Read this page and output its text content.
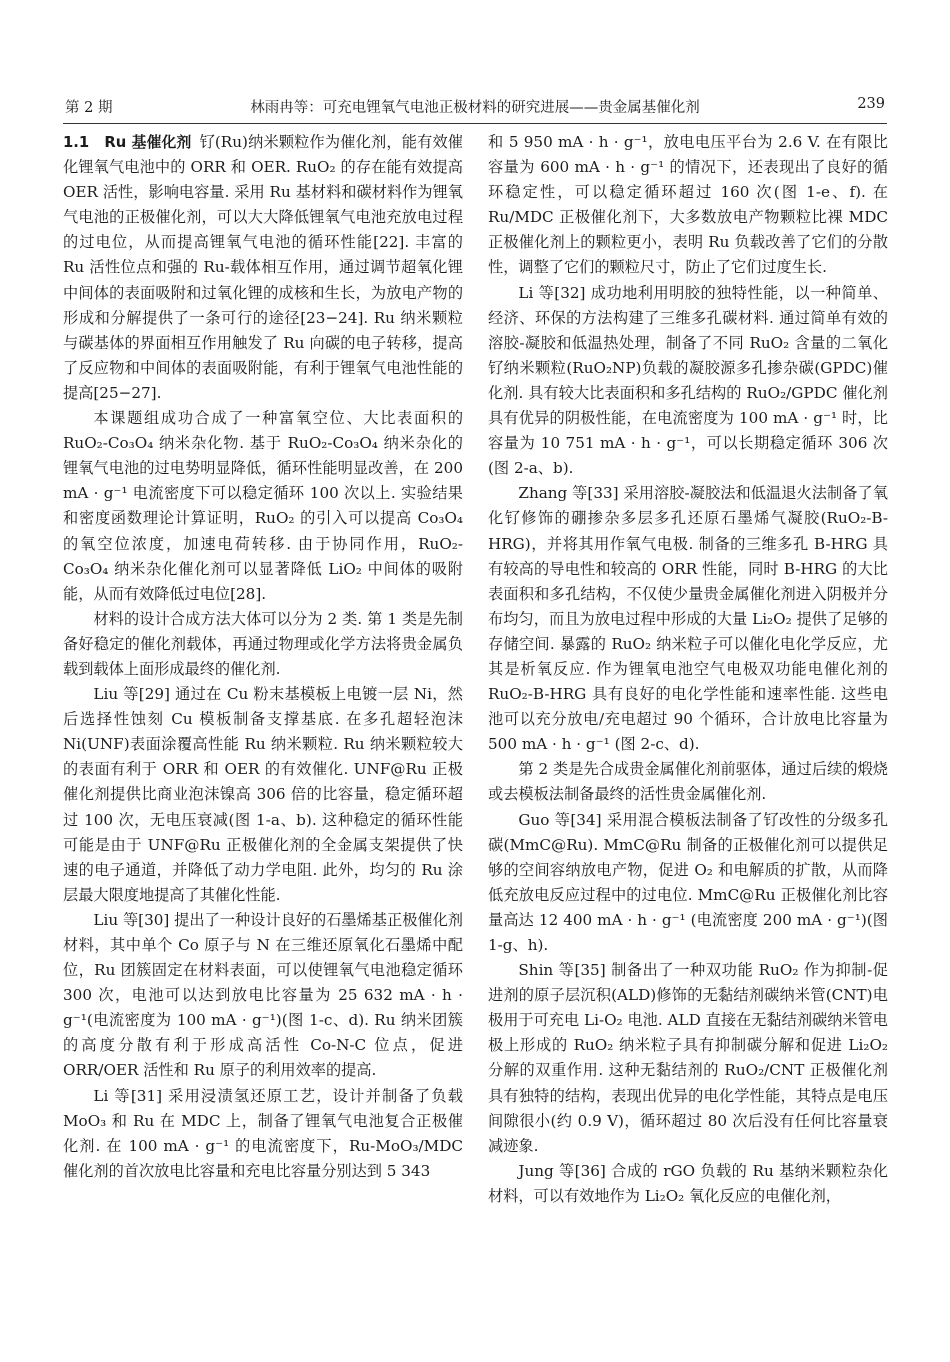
第 2 期	林雨冉等：可充电锂氧气电池正极材料的研究进展——贵金属基催化剂	239

1.1　Ru 基催化剂 钌(Ru)纳米颗粒作为催化剂，能有效催化锂氧气电池中的 ORR 和 OER. RuO₂ 的存在能有效提高 OER 活性，影响电容量. 采用 Ru 基材料和碳材料作为锂氧气电池的正极催化剂，可以大大降低锂氧气电池充放电过程的过电位，从而提高锂氧气电池的循环性能[22]. 丰富的 Ru 活性位点和强的 Ru-载体相互作用，通过调节超氧化锂中间体的表面吸附和过氧化锂的成核和生长，为放电产物的形成和分解提供了一条可行的途径[23−24]. Ru 纳米颗粒与碳基体的界面相互作用触发了 Ru 向碳的电子转移，提高了反应物和中间体的表面吸附能，有利于锂氧气电池性能的提高[25−27].

本课题组成功合成了一种富氧空位、大比表面积的 RuO₂-Co₃O₄ 纳米杂化物. 基于 RuO₂-Co₃O₄ 纳米杂化的锂氧气电池的过电势明显降低，循环性能明显改善，在 200 mA · g⁻¹ 电流密度下可以稳定循环 100 次以上. 实验结果和密度函数理论计算证明，RuO₂ 的引入可以提高 Co₃O₄ 的氧空位浓度，加速电荷转移. 由于协同作用，RuO₂-Co₃O₄ 纳米杂化催化剂可以显著降低 LiO₂ 中间体的吸附能，从而有效降低过电位[28].

材料的设计合成方法大体可以分为 2 类. 第 1 类是先制备好稳定的催化剂载体，再通过物理或化学方法将贵金属负载到载体上面形成最终的催化剂.

Liu 等[29] 通过在 Cu 粉末基模板上电镀一层 Ni，然后选择性蚀刻 Cu 模板制备支撑基底. 在多孔超轻泡沫 Ni(UNF)表面涂覆高性能 Ru 纳米颗粒. Ru 纳米颗粒较大的表面有利于 ORR 和 OER 的有效催化. UNF@Ru 正极催化剂提供比商业泡沫镍高 306 倍的比容量，稳定循环超过 100 次，无电压衰减(图 1-a、b). 这种稳定的循环性能可能是由于 UNF@Ru 正极催化剂的全金属支架提供了快速的电子通道，并降低了动力学电阻. 此外，均匀的 Ru 涂层最大限度地提高了其催化性能.

Liu 等[30] 提出了一种设计良好的石墨烯基正极催化剂材料，其中单个 Co 原子与 N 在三维还原氧化石墨烯中配位，Ru 团簇固定在材料表面，可以使锂氧气电池稳定循环 300 次，电池可以达到放电比容量为 25 632 mA · h · g⁻¹(电流密度为 100 mA · g⁻¹)(图 1-c、d). Ru 纳米团簇的高度分散有利于形成高活性 Co-N-C 位点，促进 ORR/OER 活性和 Ru 原子的利用效率的提高.

Li 等[31] 采用浸渍氢还原工艺，设计并制备了负载 MoO₃ 和 Ru 在 MDC 上，制备了锂氧气电池复合正极催化剂. 在 100 mA · g⁻¹ 的电流密度下，Ru-MoO₃/MDC 催化剂的首次放电比容量和充电比容量分别达到 5 343

和 5 950 mA · h · g⁻¹，放电电压平台为 2.6 V. 在有限比容量为 600 mA · h · g⁻¹ 的情况下，还表现出了良好的循环稳定性，可以稳定循环超过 160 次(图 1-e、f). 在 Ru/MDC 正极催化剂下，大多数放电产物颗粒比裸 MDC 正极催化剂上的颗粒更小，表明 Ru 负载改善了它们的分散性，调整了它们的颗粒尺寸，防止了它们过度生长.

Li 等[32] 成功地利用明胶的独特性能，以一种简单、经济、环保的方法构建了三维多孔碳材料. 通过简单有效的溶胶-凝胶和低温热处理，制备了不同 RuO₂ 含量的二氧化钌纳米颗粒(RuO₂NP)负载的凝胶源多孔掺杂碳(GPDC)催化剂. 具有较大比表面积和多孔结构的 RuO₂/GPDC 催化剂具有优异的阴极性能，在电流密度为 100 mA · g⁻¹ 时，比容量为 10 751 mA · h · g⁻¹，可以长期稳定循环 306 次(图 2-a、b).

Zhang 等[33] 采用溶胶-凝胶法和低温退火法制备了氧化钌修饰的硼掺杂多层多孔还原石墨烯气凝胶(RuO₂-B-HRG)，并将其用作氧气电极. 制备的三维多孔 B-HRG 具有较高的导电性和较高的 ORR 性能，同时 B-HRG 的大比表面积和多孔结构，不仅使少量贵金属催化剂进入阴极并分布均匀，而且为放电过程中形成的大量 Li₂O₂ 提供了足够的存储空间. 暴露的 RuO₂ 纳米粒子可以催化电化学反应，尤其是析氧反应. 作为锂氧电池空气电极双功能电催化剂的 RuO₂-B-HRG 具有良好的电化学性能和速率性能. 这些电池可以充分放电/充电超过 90 个循环，合计放电比容量为 500 mA · h · g⁻¹ (图 2-c、d).

第 2 类是先合成贵金属催化剂前驱体，通过后续的煅烧或去模板法制备最终的活性贵金属催化剂.

Guo 等[34] 采用混合模板法制备了钌改性的分级多孔碳(MmC@Ru). MmC@Ru 制备的正极催化剂可以提供足够的空间容纳放电产物，促进 O₂ 和电解质的扩散，从而降低充放电反应过程中的过电位. MmC@Ru 正极催化剂比容量高达 12 400 mA · h · g⁻¹ (电流密度 200 mA · g⁻¹)(图 1-g、h).

Shin 等[35] 制备出了一种双功能 RuO₂ 作为抑制-促进剂的原子层沉积(ALD)修饰的无黏结剂碳纳米管(CNT)电极用于可充电 Li-O₂ 电池. ALD 直接在无黏结剂碳纳米管电极上形成的 RuO₂ 纳米粒子具有抑制碳分解和促进 Li₂O₂ 分解的双重作用. 这种无黏结剂的 RuO₂/CNT 正极催化剂具有独特的结构，表现出优异的电化学性能，其特点是电压间隙很小(约 0.9 V)，循环超过 80 次后没有任何比容量衰减迹象.

Jung 等[36] 合成的 rGO 负载的 Ru 基纳米颗粒杂化材料，可以有效地作为 Li₂O₂ 氧化反应的电催化剂，
